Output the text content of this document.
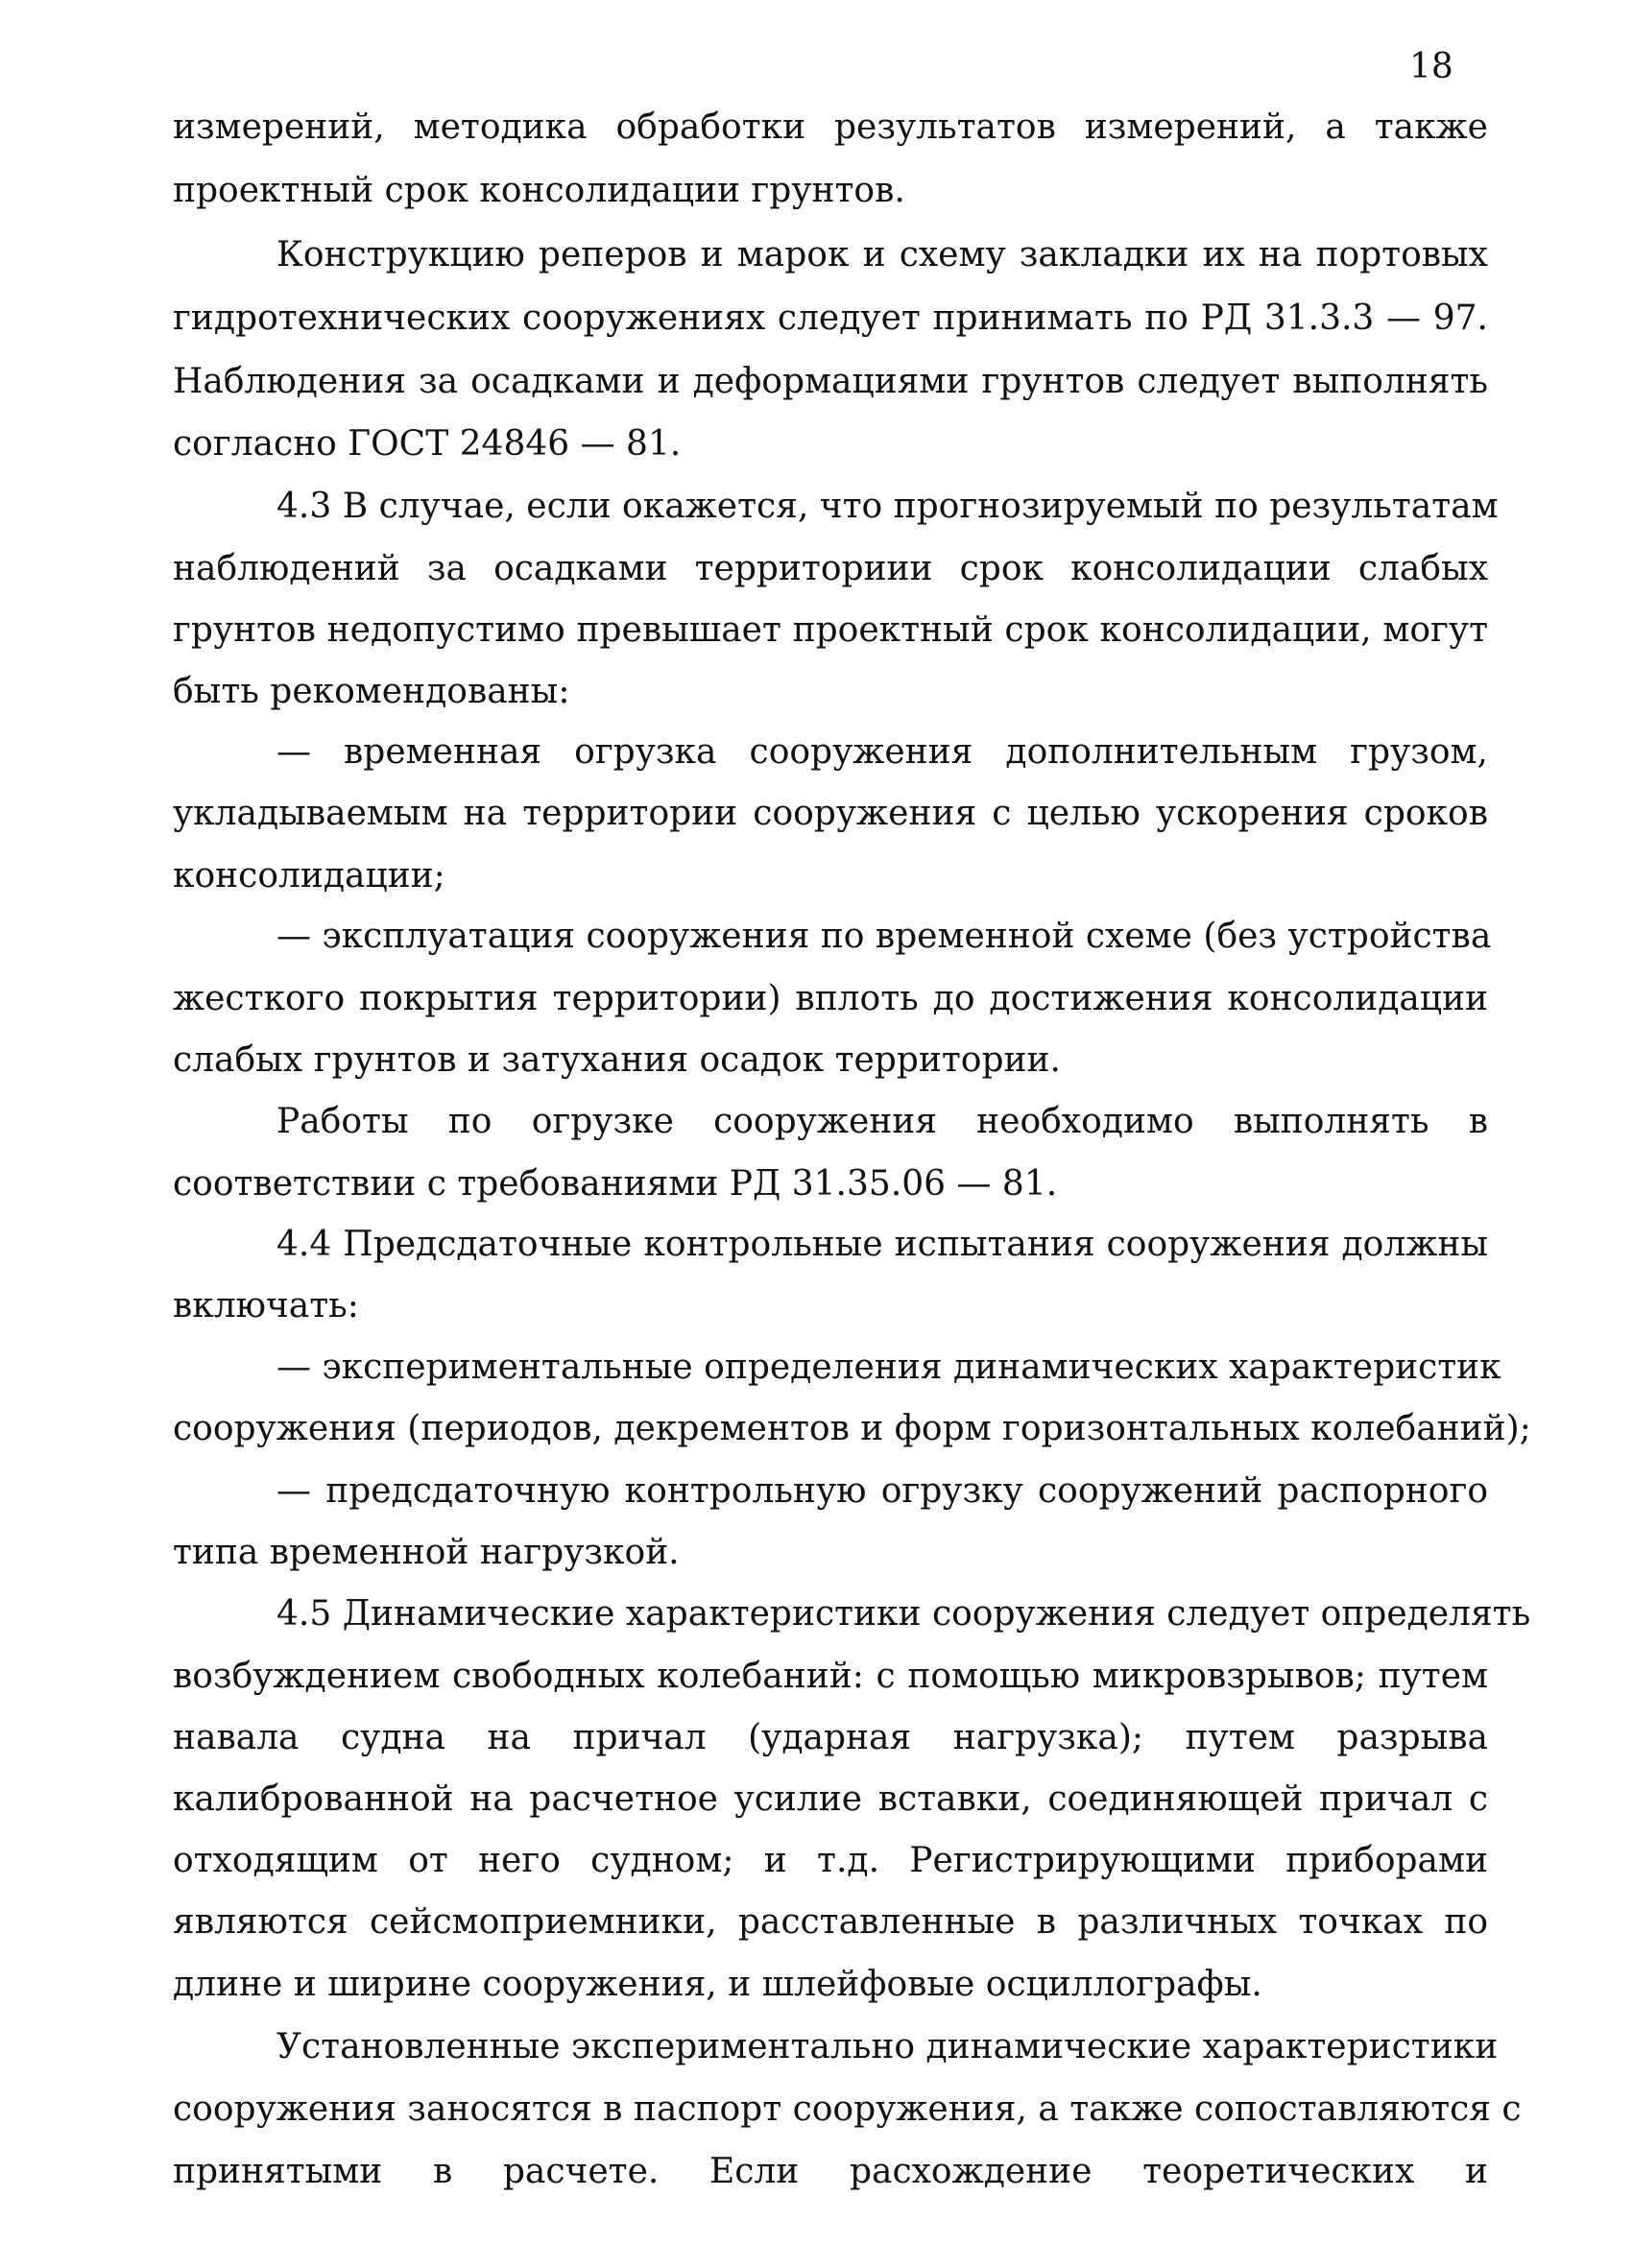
18
измерений, методика обработки результатов измерений, а также
проектный срок консолидации грунтов.
Конструкцию реперов и марок и схему закладки их на портовых
гидротехнических сооружениях следует принимать по РД 31.3.3 — 97.
Наблюдения за осадками и деформациями грунтов следует выполнять
согласно ГОСТ 24846 — 81.
4.3 В случае, если окажется, что прогнозируемый по результатам
наблюдений за осадками территориии срок консолидации слабых
грунтов недопустимо превышает проектный срок консолидации, могут
быть рекомендованы:
— временная огрузка сооружения дополнительным грузом,
укладываемым на территории сооружения с целью ускорения сроков
консолидации;
— эксплуатация сооружения по временной схеме (без устройства
жесткого покрытия территории) вплоть до достижения консолидации
слабых грунтов и затухания осадок территории.
Работы по огрузке сооружения необходимо выполнять в
соответствии с требованиями РД 31.35.06 — 81.
4.4 Предсдаточные контрольные испытания сооружения должны
включать:
— экспериментальные определения динамических характеристик
сооружения (периодов, декрементов и форм горизонтальных колебаний);
— предсдаточную контрольную огрузку сооружений распорного
типа временной нагрузкой.
4.5 Динамические характеристики сооружения следует определять
возбуждением свободных колебаний: с помощью микровзрывов; путем
навала судна на причал (ударная нагрузка); путем разрыва
калиброванной на расчетное усилие вставки, соединяющей причал с
отходящим от него судном; и т.д. Регистрирующими приборами
являются сейсмоприемники, расставленные в различных точках по
длине и ширине сооружения, и шлейфовые осциллографы.
Установленные экспериментально динамические характеристики
сооружения заносятся в паспорт сооружения, а также сопоставляются с
принятыми в расчете. Если расхождение теоретических и
